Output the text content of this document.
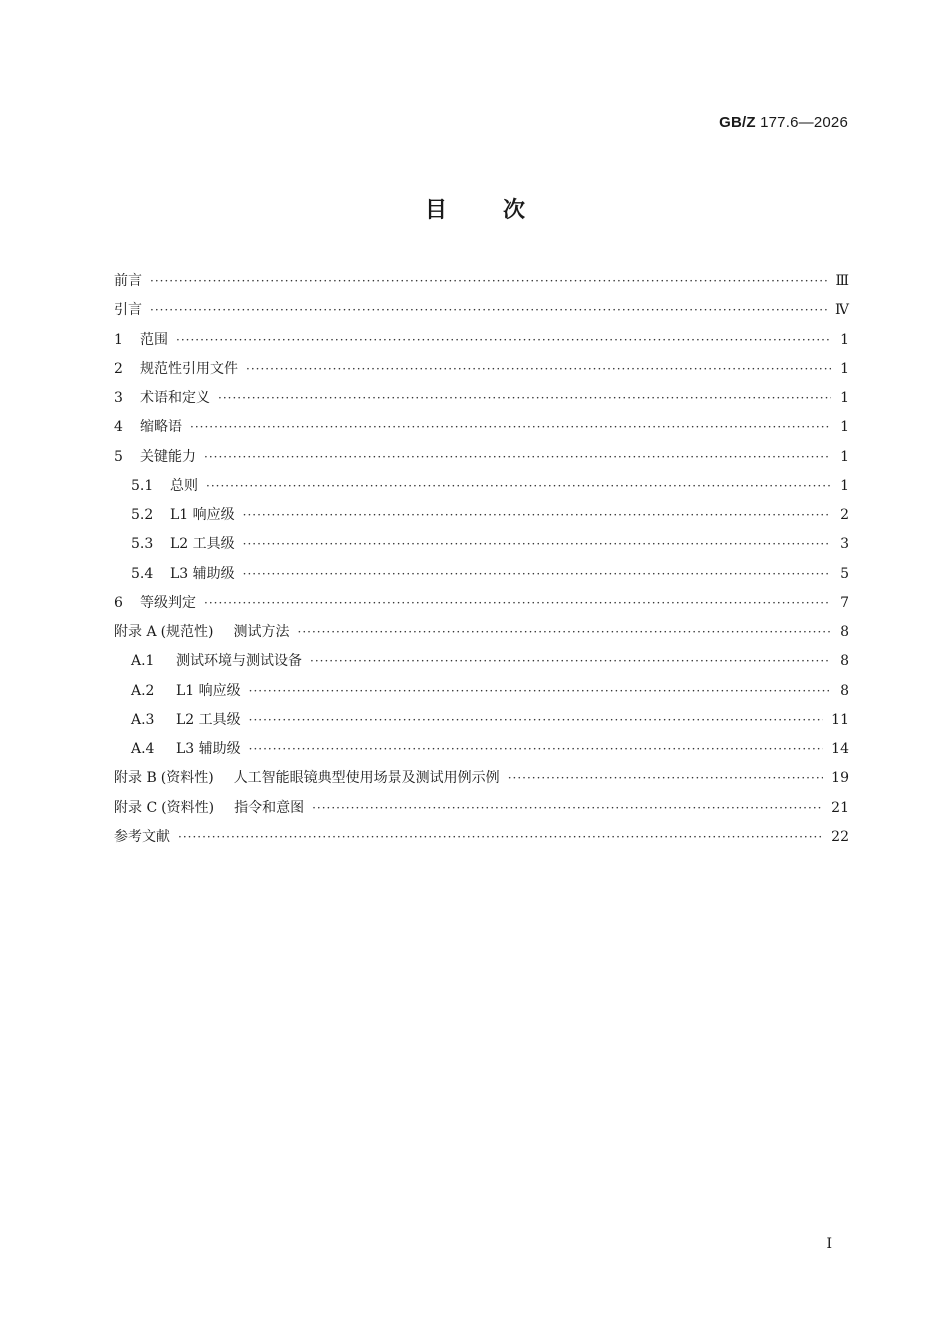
GB/Z 177.6—2026
目	次
前言 ·····	Ⅲ
引言 ·····	Ⅳ
1	范围 ·····	1
2	规范性引用文件 ·····	1
3	术语和定义 ·····	1
4	缩略语 ·····	1
5	关键能力 ·····	1
5.1	总则 ·····	1
5.2	L1 响应级 ·····	2
5.3	L2 工具级 ·····	3
5.4	L3 辅助级 ·····	5
6	等级判定 ·····	7
附录 A (规范性) 测试方法 ·····	8
A.1	测试环境与测试设备 ·····	8
A.2	L1 响应级 ·····	8
A.3	L2 工具级 ·····	11
A.4	L3 辅助级 ·····	14
附录 B (资料性) 人工智能眼镜典型使用场景及测试用例示例 ·····	19
附录 C (资料性) 指令和意图 ·····	21
参考文献 ·····	22
I
